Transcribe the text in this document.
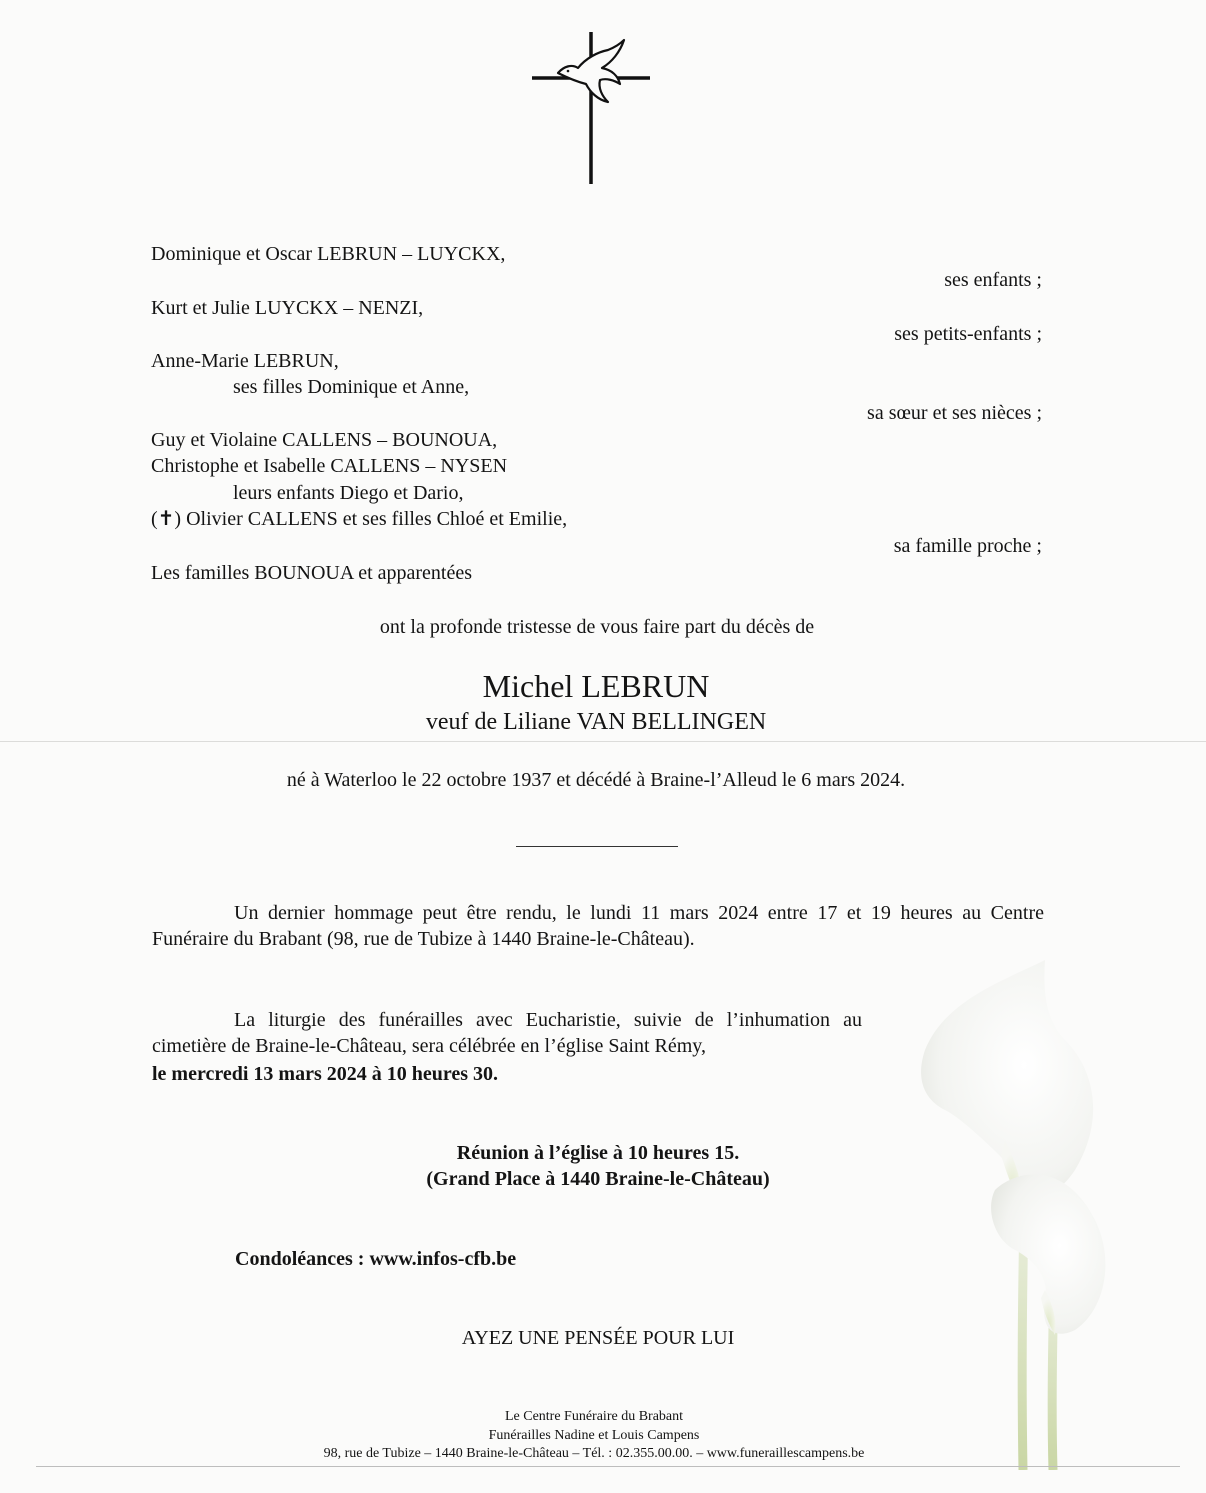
Dominique et Oscar LEBRUN – LUYCKX,
ses enfants ;
Kurt et Julie LUYCKX – NENZI,
ses petits-enfants ;
Anne-Marie LEBRUN,
ses filles Dominique et Anne,
sa sœur et ses nièces ;
Guy et Violaine CALLENS – BOUNOUA,
Christophe et Isabelle CALLENS – NYSEN
leurs enfants Diego et Dario,
(✝) Olivier CALLENS et ses filles Chloé et Emilie,
sa famille proche ;
Les familles BOUNOUA et apparentées
ont la profonde tristesse de vous faire part du décès de
Michel LEBRUN
veuf de Liliane VAN BELLINGEN
né à Waterloo le 22 octobre 1937 et décédé à Braine-l’Alleud le 6 mars 2024.
Un dernier hommage peut être rendu, le lundi 11 mars 2024 entre 17 et 19 heures au Centre Funéraire du Brabant (98, rue de Tubize à 1440 Braine-le-Château).
La liturgie des funérailles avec Eucharistie, suivie de l’inhumation au cimetière de Braine-le-Château, sera célébrée en l’église Saint Rémy,
le mercredi 13 mars 2024 à 10 heures 30.
Réunion à l’église à 10 heures 15.
(Grand Place à 1440 Braine-le-Château)
Condoléances : www.infos-cfb.be
AYEZ UNE PENSÉE POUR LUI
Le Centre Funéraire du Brabant
Funérailles Nadine et Louis Campens
98, rue de Tubize – 1440 Braine-le-Château – Tél. : 02.355.00.00. – www.funeraillescampens.be
